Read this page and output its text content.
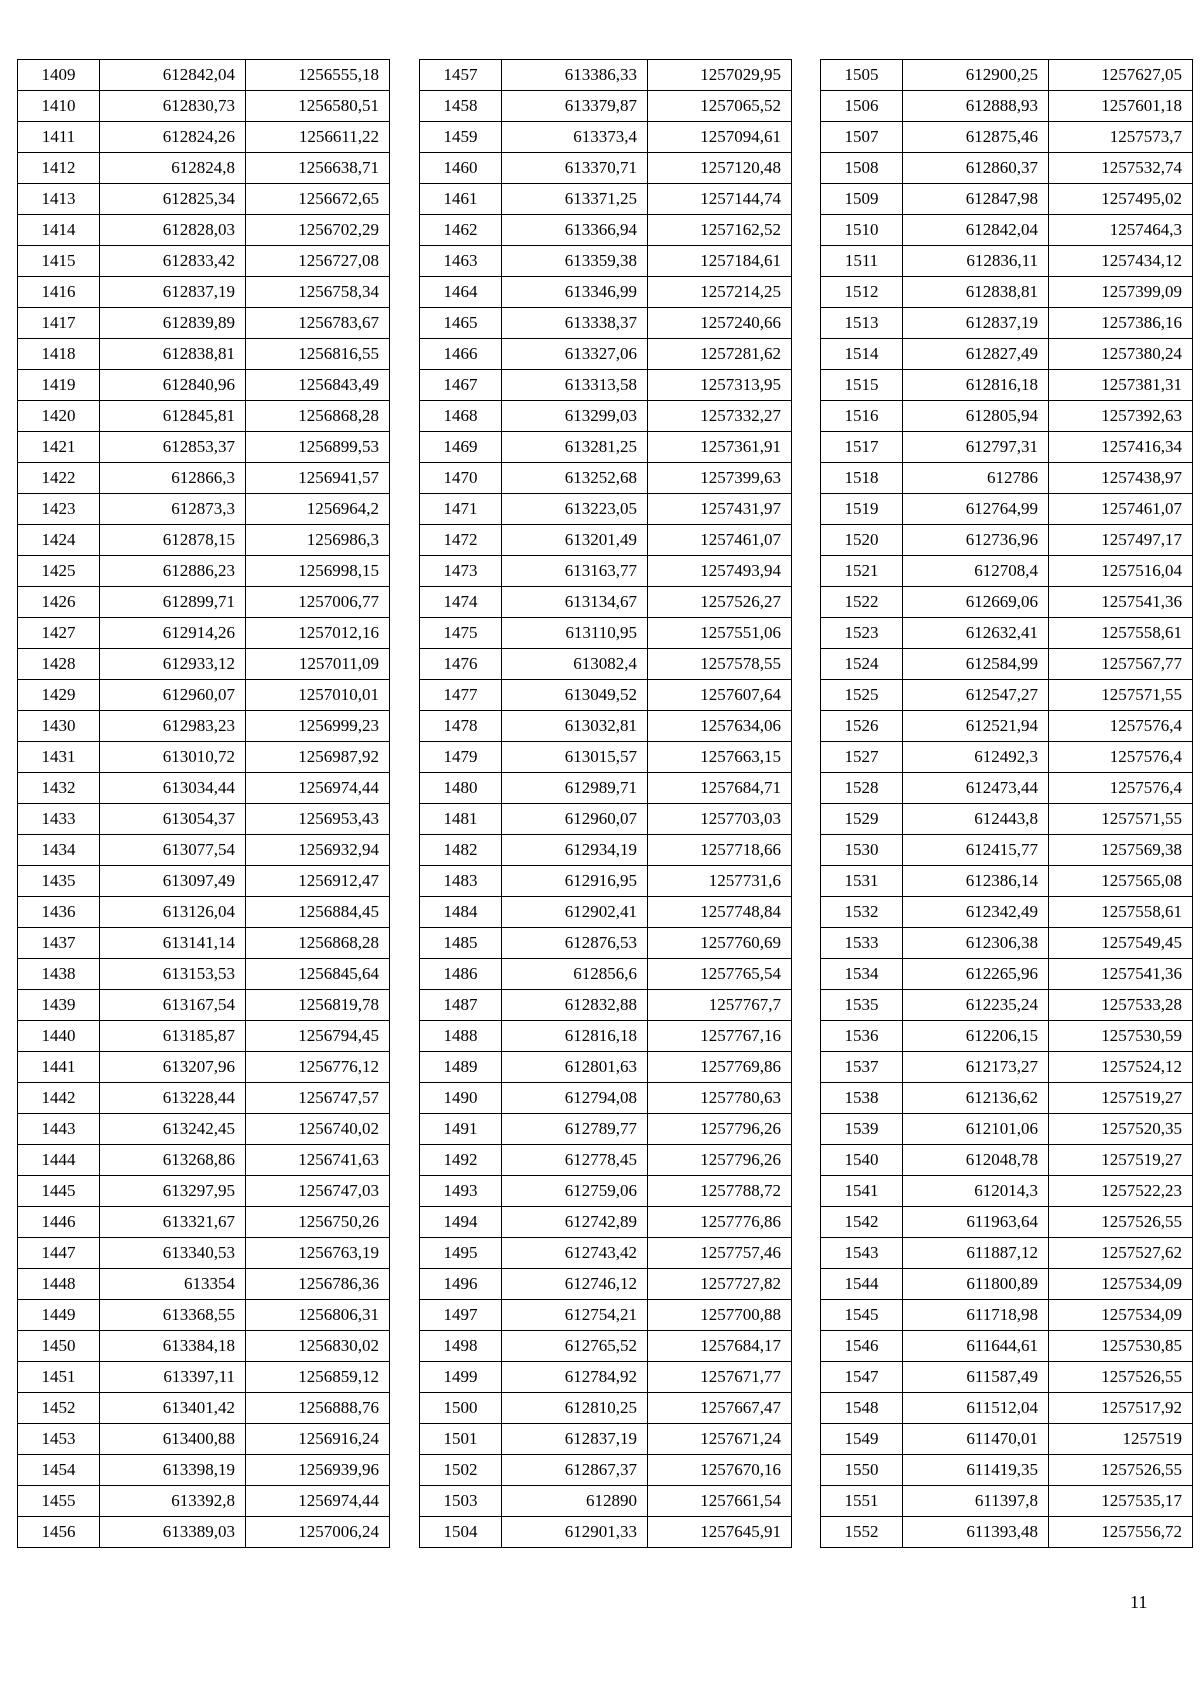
1409	612842,04	1256555,18
1410	612830,73	1256580,51
1411	612824,26	1256611,22
1412	612824,8	1256638,71
1413	612825,34	1256672,65
1414	612828,03	1256702,29
1415	612833,42	1256727,08
1416	612837,19	1256758,34
1417	612839,89	1256783,67
1418	612838,81	1256816,55
1419	612840,96	1256843,49
1420	612845,81	1256868,28
1421	612853,37	1256899,53
1422	612866,3	1256941,57
1423	612873,3	1256964,2
1424	612878,15	1256986,3
1425	612886,23	1256998,15
1426	612899,71	1257006,77
1427	612914,26	1257012,16
1428	612933,12	1257011,09
1429	612960,07	1257010,01
1430	612983,23	1256999,23
1431	613010,72	1256987,92
1432	613034,44	1256974,44
1433	613054,37	1256953,43
1434	613077,54	1256932,94
1435	613097,49	1256912,47
1436	613126,04	1256884,45
1437	613141,14	1256868,28
1438	613153,53	1256845,64
1439	613167,54	1256819,78
1440	613185,87	1256794,45
1441	613207,96	1256776,12
1442	613228,44	1256747,57
1443	613242,45	1256740,02
1444	613268,86	1256741,63
1445	613297,95	1256747,03
1446	613321,67	1256750,26
1447	613340,53	1256763,19
1448	613354	1256786,36
1449	613368,55	1256806,31
1450	613384,18	1256830,02
1451	613397,11	1256859,12
1452	613401,42	1256888,76
1453	613400,88	1256916,24
1454	613398,19	1256939,96
1455	613392,8	1256974,44
1456	613389,03	1257006,24
1457	613386,33	1257029,95
1458	613379,87	1257065,52
1459	613373,4	1257094,61
1460	613370,71	1257120,48
1461	613371,25	1257144,74
1462	613366,94	1257162,52
1463	613359,38	1257184,61
1464	613346,99	1257214,25
1465	613338,37	1257240,66
1466	613327,06	1257281,62
1467	613313,58	1257313,95
1468	613299,03	1257332,27
1469	613281,25	1257361,91
1470	613252,68	1257399,63
1471	613223,05	1257431,97
1472	613201,49	1257461,07
1473	613163,77	1257493,94
1474	613134,67	1257526,27
1475	613110,95	1257551,06
1476	613082,4	1257578,55
1477	613049,52	1257607,64
1478	613032,81	1257634,06
1479	613015,57	1257663,15
1480	612989,71	1257684,71
1481	612960,07	1257703,03
1482	612934,19	1257718,66
1483	612916,95	1257731,6
1484	612902,41	1257748,84
1485	612876,53	1257760,69
1486	612856,6	1257765,54
1487	612832,88	1257767,7
1488	612816,18	1257767,16
1489	612801,63	1257769,86
1490	612794,08	1257780,63
1491	612789,77	1257796,26
1492	612778,45	1257796,26
1493	612759,06	1257788,72
1494	612742,89	1257776,86
1495	612743,42	1257757,46
1496	612746,12	1257727,82
1497	612754,21	1257700,88
1498	612765,52	1257684,17
1499	612784,92	1257671,77
1500	612810,25	1257667,47
1501	612837,19	1257671,24
1502	612867,37	1257670,16
1503	612890	1257661,54
1504	612901,33	1257645,91
1505	612900,25	1257627,05
1506	612888,93	1257601,18
1507	612875,46	1257573,7
1508	612860,37	1257532,74
1509	612847,98	1257495,02
1510	612842,04	1257464,3
1511	612836,11	1257434,12
1512	612838,81	1257399,09
1513	612837,19	1257386,16
1514	612827,49	1257380,24
1515	612816,18	1257381,31
1516	612805,94	1257392,63
1517	612797,31	1257416,34
1518	612786	1257438,97
1519	612764,99	1257461,07
1520	612736,96	1257497,17
1521	612708,4	1257516,04
1522	612669,06	1257541,36
1523	612632,41	1257558,61
1524	612584,99	1257567,77
1525	612547,27	1257571,55
1526	612521,94	1257576,4
1527	612492,3	1257576,4
1528	612473,44	1257576,4
1529	612443,8	1257571,55
1530	612415,77	1257569,38
1531	612386,14	1257565,08
1532	612342,49	1257558,61
1533	612306,38	1257549,45
1534	612265,96	1257541,36
1535	612235,24	1257533,28
1536	612206,15	1257530,59
1537	612173,27	1257524,12
1538	612136,62	1257519,27
1539	612101,06	1257520,35
1540	612048,78	1257519,27
1541	612014,3	1257522,23
1542	611963,64	1257526,55
1543	611887,12	1257527,62
1544	611800,89	1257534,09
1545	611718,98	1257534,09
1546	611644,61	1257530,85
1547	611587,49	1257526,55
1548	611512,04	1257517,92
1549	611470,01	1257519
1550	611419,35	1257526,55
1551	611397,8	1257535,17
1552	611393,48	1257556,72
11
